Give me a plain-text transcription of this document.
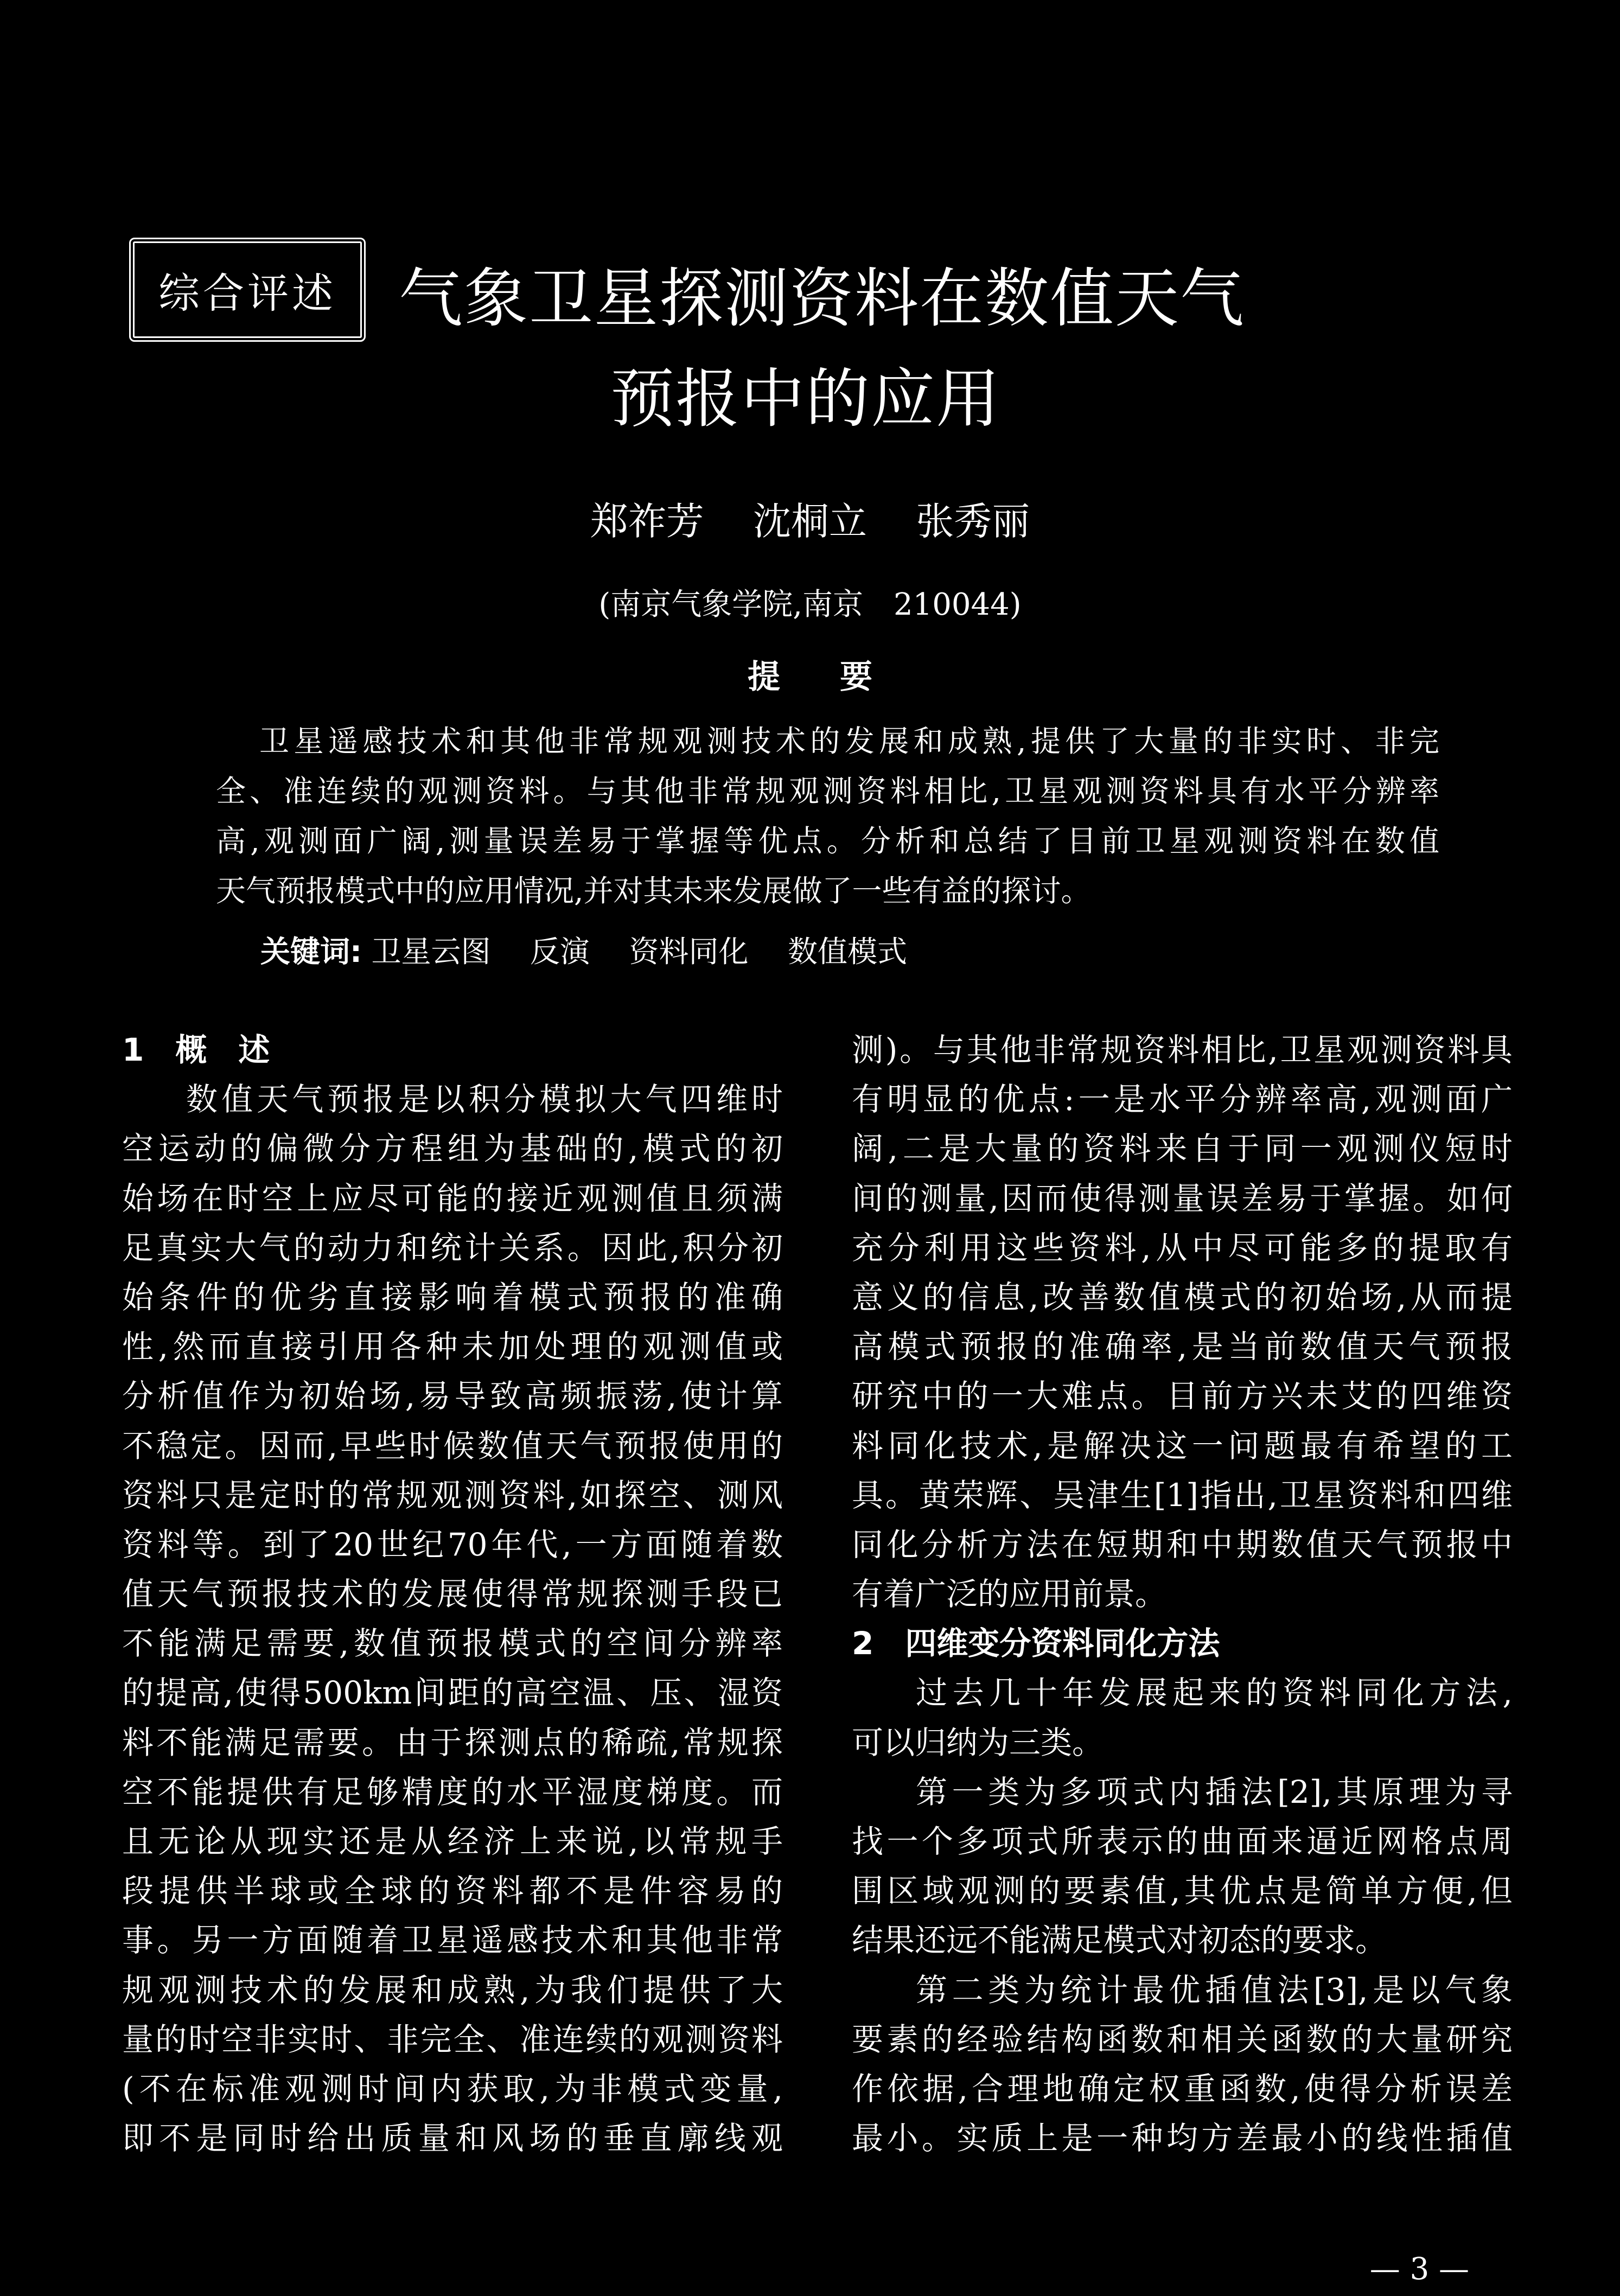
综合评述 气象卫星探测资料在数值天气
预报中的应用
郑祚芳 沈桐立 张秀丽
(南京气象学院,南京　210044)
提要
卫星遥感技术和其他非常规观测技术的发展和成熟,提供了大量的非实时、非完
全、准连续的观测资料。与其他非常规观测资料相比,卫星观测资料具有水平分辨率
高,观测面广阔,测量误差易于掌握等优点。分析和总结了目前卫星观测资料在数值
天气预报模式中的应用情况,并对其未来发展做了一些有益的探讨。
关键词: 卫星云图 反演 资料同化 数值模式
1　概　述
数值天气预报是以积分模拟大气四维时
空运动的偏微分方程组为基础的,模式的初
始场在时空上应尽可能的接近观测值且须满
足真实大气的动力和统计关系。因此,积分初
始条件的优劣直接影响着模式预报的准确
性,然而直接引用各种未加处理的观测值或
分析值作为初始场,易导致高频振荡,使计算
不稳定。因而,早些时候数值天气预报使用的
资料只是定时的常规观测资料,如探空、测风
资料等。到了20世纪70年代,一方面随着数
值天气预报技术的发展使得常规探测手段已
不能满足需要,数值预报模式的空间分辨率
的提高,使得500km间距的高空温、压、湿资
料不能满足需要。由于探测点的稀疏,常规探
空不能提供有足够精度的水平湿度梯度。而
且无论从现实还是从经济上来说,以常规手
段提供半球或全球的资料都不是件容易的
事。另一方面随着卫星遥感技术和其他非常
规观测技术的发展和成熟,为我们提供了大
量的时空非实时、非完全、准连续的观测资料
(不在标准观测时间内获取,为非模式变量,
即不是同时给出质量和风场的垂直廓线观
测)。与其他非常规资料相比,卫星观测资料具
有明显的优点:一是水平分辨率高,观测面广
阔,二是大量的资料来自于同一观测仪短时
间的测量,因而使得测量误差易于掌握。如何
充分利用这些资料,从中尽可能多的提取有
意义的信息,改善数值模式的初始场,从而提
高模式预报的准确率,是当前数值天气预报
研究中的一大难点。目前方兴未艾的四维资
料同化技术,是解决这一问题最有希望的工
具。黄荣辉、吴津生[1]指出,卫星资料和四维
同化分析方法在短期和中期数值天气预报中
有着广泛的应用前景。
2　四维变分资料同化方法
过去几十年发展起来的资料同化方法,
可以归纳为三类。
第一类为多项式内插法[2],其原理为寻
找一个多项式所表示的曲面来逼近网格点周
围区域观测的要素值,其优点是简单方便,但
结果还远不能满足模式对初态的要求。
第二类为统计最优插值法[3],是以气象
要素的经验结构函数和相关函数的大量研究
作依据,合理地确定权重函数,使得分析误差
最小。实质上是一种均方差最小的线性插值
— 3 —
